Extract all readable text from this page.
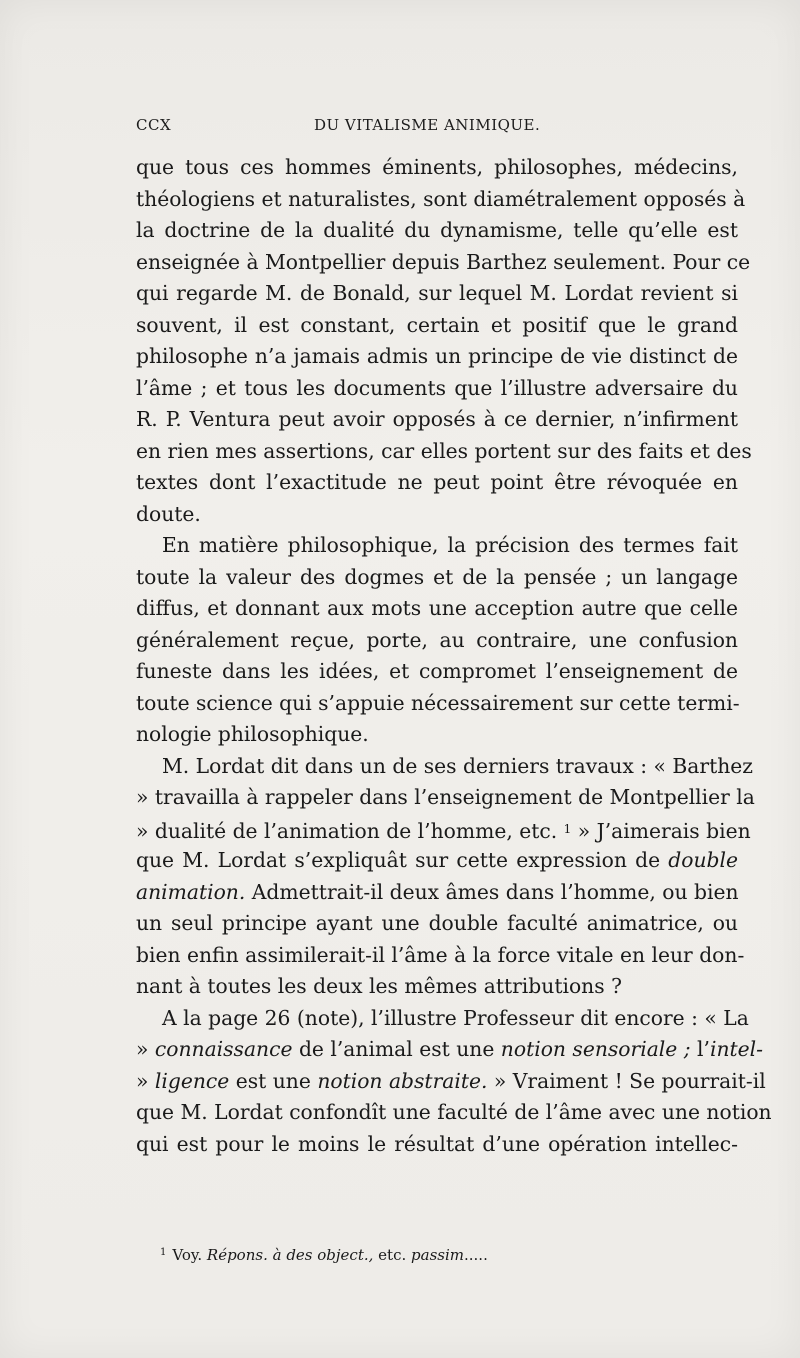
CCX	DU VITALISME ANIMIQUE.
que tous ces hommes éminents, philosophes, médecins,
théologiens et naturalistes, sont diamétralement opposés à
la doctrine de la dualité du dynamisme, telle qu’elle est
enseignée à Montpellier depuis Barthez seulement. Pour ce
qui regarde M. de Bonald, sur lequel M. Lordat revient si
souvent, il est constant, certain et positif que le grand
philosophe n’a jamais admis un principe de vie distinct de
l’âme ; et tous les documents que l’illustre adversaire du
R. P. Ventura peut avoir opposés à ce dernier, n’infirment
en rien mes assertions, car elles portent sur des faits et des
textes dont l’exactitude ne peut point être révoquée en
doute.
En matière philosophique, la précision des termes fait
toute la valeur des dogmes et de la pensée ; un langage
diffus, et donnant aux mots une acception autre que celle
généralement reçue, porte, au contraire, une confusion
funeste dans les idées, et compromet l’enseignement de
toute science qui s’appuie nécessairement sur cette termi-
nologie philosophique.
M. Lordat dit dans un de ses derniers travaux : « Barthez
» travailla à rappeler dans l’enseignement de Montpellier la
» dualité de l’animation de l’homme, etc. $^1$ » J’aimerais bien
que M. Lordat s’expliquât sur cette expression de double
animation. Admettrait-il deux âmes dans l’homme, ou bien
un seul principe ayant une double faculté animatrice, ou
bien enfin assimilerait-il l’âme à la force vitale en leur don-
nant à toutes les deux les mêmes attributions ?
A la page 26 (note), l’illustre Professeur dit encore : « La
» connaissance de l’animal est une notion sensoriale ; l’intel-
» ligence est une notion abstraite. » Vraiment ! Se pourrait-il
que M. Lordat confondît une faculté de l’âme avec une notion
qui est pour le moins le résultat d’une opération intellec-
$^1$ Voy. Répons. à des object., etc. passim.....
